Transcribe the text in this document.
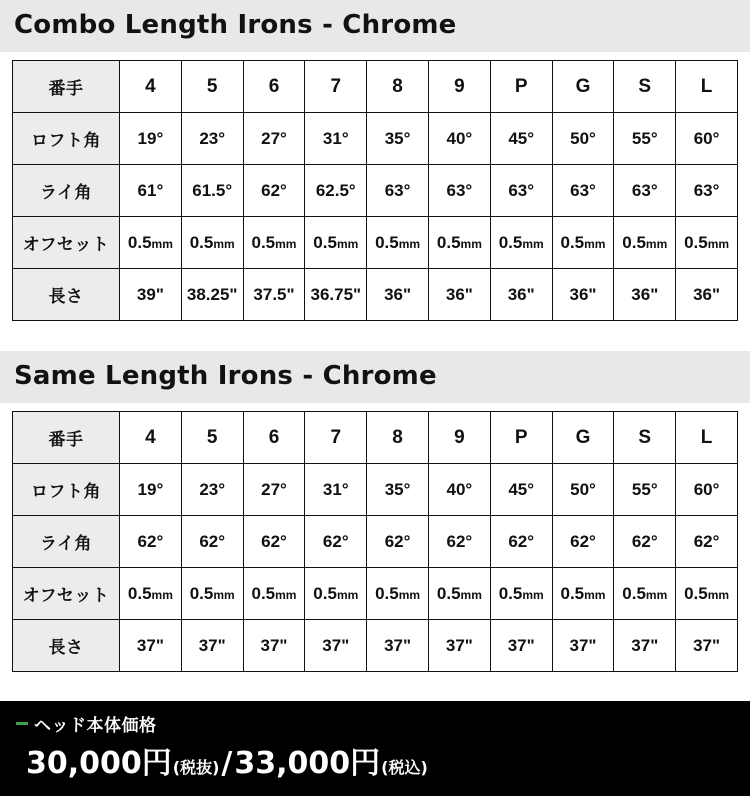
Combo Length Irons - Chrome
番手	4	5	6	7	8	9	P	G	S	L
ロフト角	19°	23°	27°	31°	35°	40°	45°	50°	55°	60°
ライ角	61°	61.5°	62°	62.5°	63°	63°	63°	63°	63°	63°
オフセット	0.5mm	0.5mm	0.5mm	0.5mm	0.5mm	0.5mm	0.5mm	0.5mm	0.5mm	0.5mm
長さ	39"	38.25"	37.5"	36.75"	36"	36"	36"	36"	36"	36"
Same Length Irons - Chrome
番手	4	5	6	7	8	9	P	G	S	L
ロフト角	19°	23°	27°	31°	35°	40°	45°	50°	55°	60°
ライ角	62°	62°	62°	62°	62°	62°	62°	62°	62°	62°
オフセット	0.5mm	0.5mm	0.5mm	0.5mm	0.5mm	0.5mm	0.5mm	0.5mm	0.5mm	0.5mm
長さ	37"	37"	37"	37"	37"	37"	37"	37"	37"	37"
ヘッド本体価格
30,000円 (税抜) / 33,000円 (税込)
